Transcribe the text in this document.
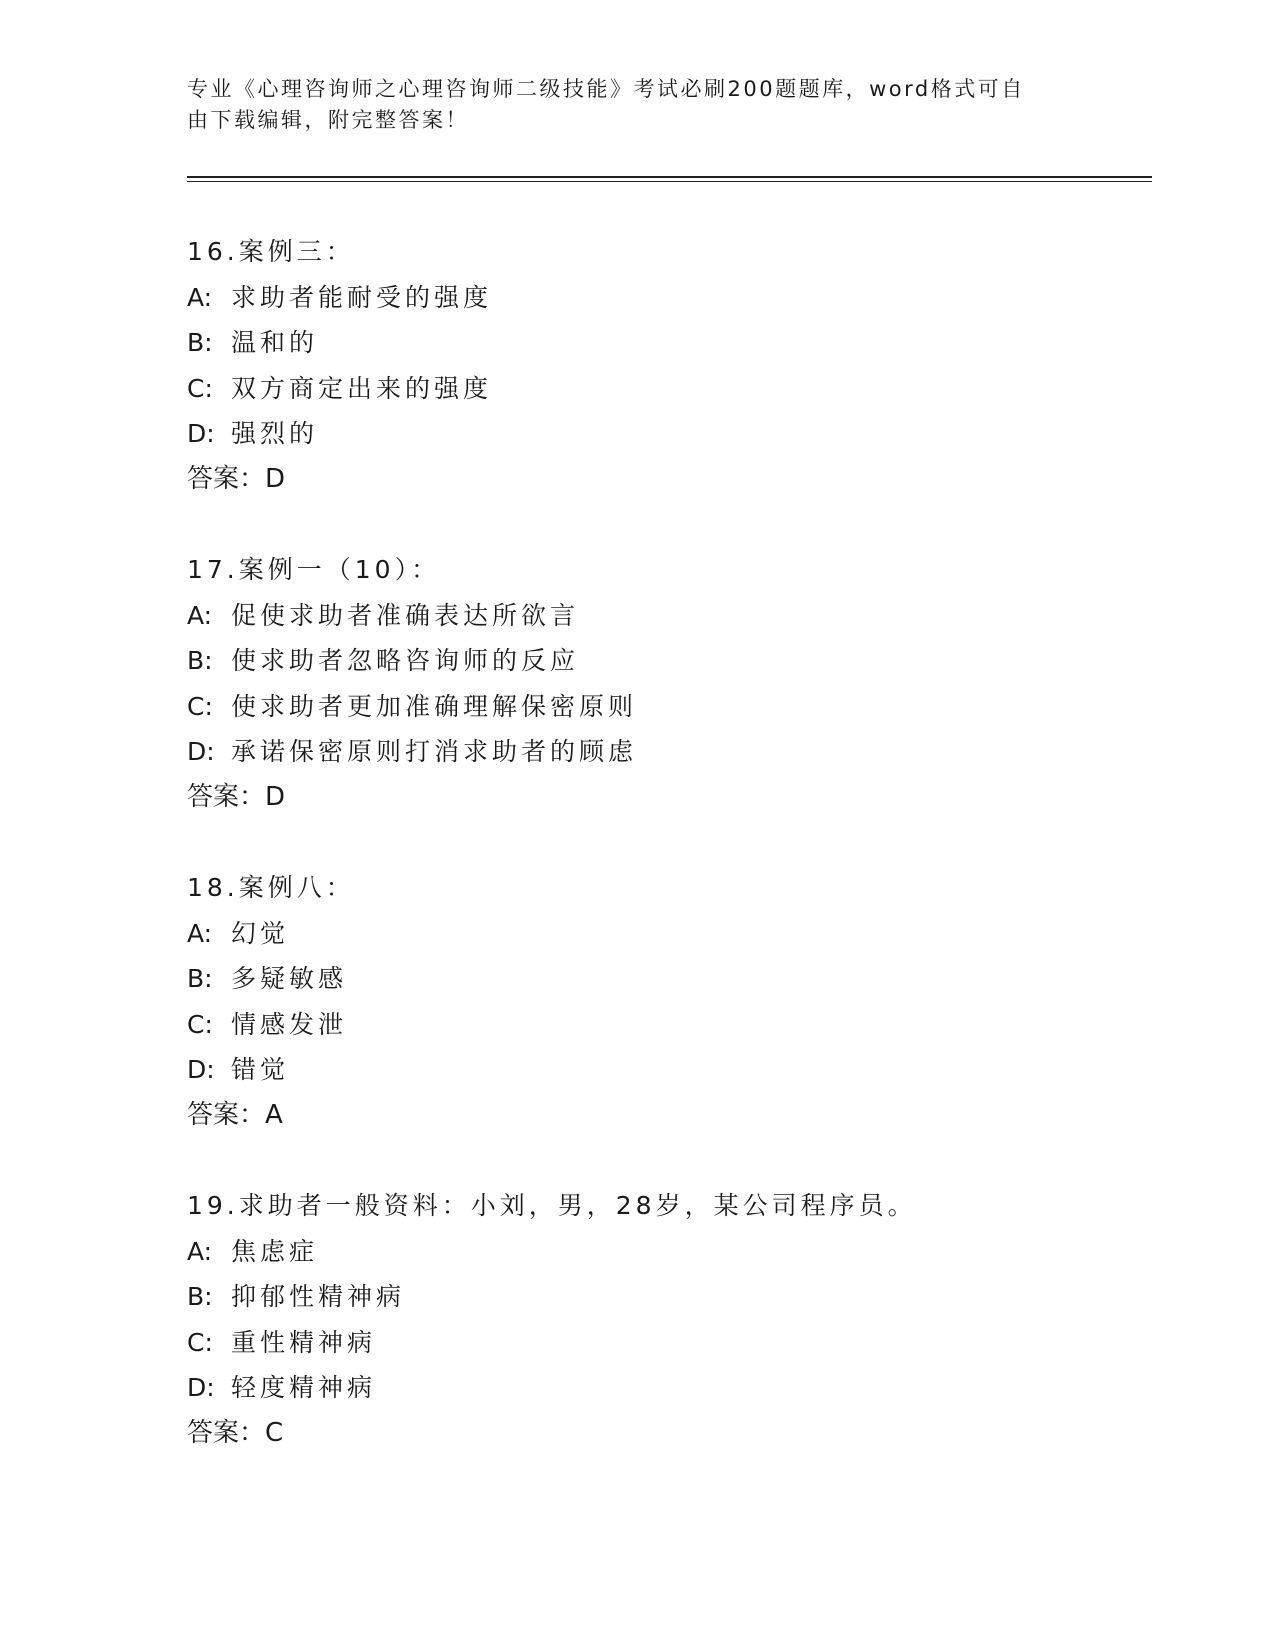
专业《心理咨询师之心理咨询师二级技能》考试必刷200题题库，word格式可自

由下载编辑，附完整答案！

16.案例三：
A: 求助者能耐受的强度
B: 温和的
C: 双方商定出来的强度
D: 强烈的
答案：D
17.案例一（10）：
A: 促使求助者准确表达所欲言
B: 使求助者忽略咨询师的反应
C: 使求助者更加准确理解保密原则
D: 承诺保密原则打消求助者的顾虑
答案：D
18.案例八：
A: 幻觉
B: 多疑敏感
C: 情感发泄
D: 错觉
答案：A
19.求助者一般资料：小刘，男，28岁，某公司程序员。
A: 焦虑症
B: 抑郁性精神病
C: 重性精神病
D: 轻度精神病
答案：C
